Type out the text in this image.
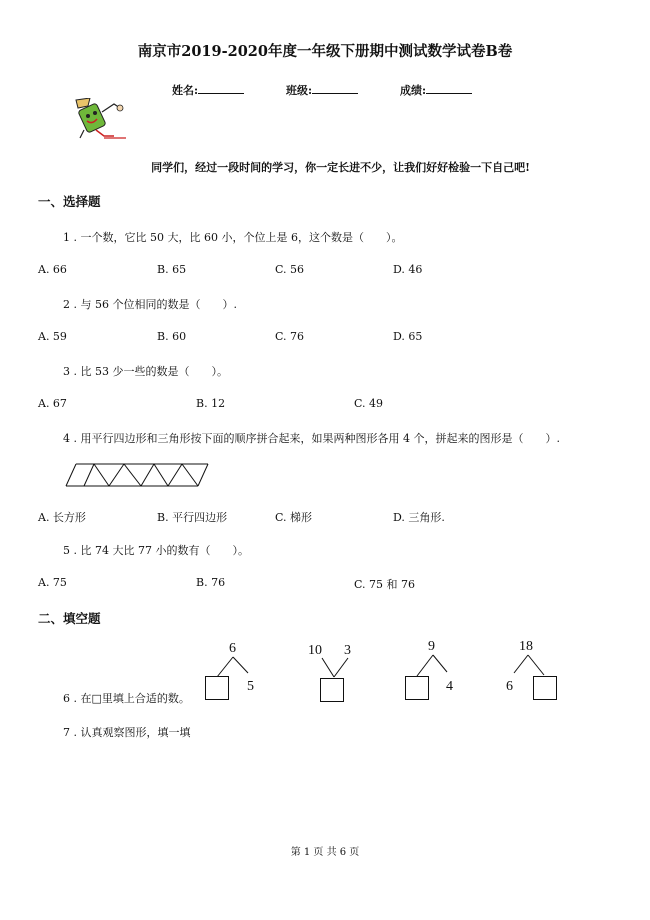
南京市2019-2020年度一年级下册期中测试数学试卷B卷
姓名:	班级:	成绩:
同学们，经过一段时间的学习，你一定长进不少，让我们好好检验一下自己吧!
一、选择题
1 . 一个数，它比 50 大，比 60 小，个位上是 6，这个数是（　　）。
A. 66	B. 65	C. 56	D. 46
2 . 与 56 个位相同的数是（　　）.
A. 59	B. 60	C. 76	D. 65
3 . 比 53 少一些的数是（　　）。
A. 67	B. 12	C. 49
4 . 用平行四边形和三角形按下面的顺序拼合起来，如果两种图形各用 4 个，拼起来的图形是（　　）.
A. 长方形	B. 平行四边形	C. 梯形	D. 三角形.
5 . 比 74 大比 77 小的数有（　　）。
A. 75	B. 76	C. 75 和 76
二、填空题
6
5
10 3	9
4
18
6
6 . 在□里填上合适的数。
7 . 认真观察图形，填一填
第 1 页 共 6 页
